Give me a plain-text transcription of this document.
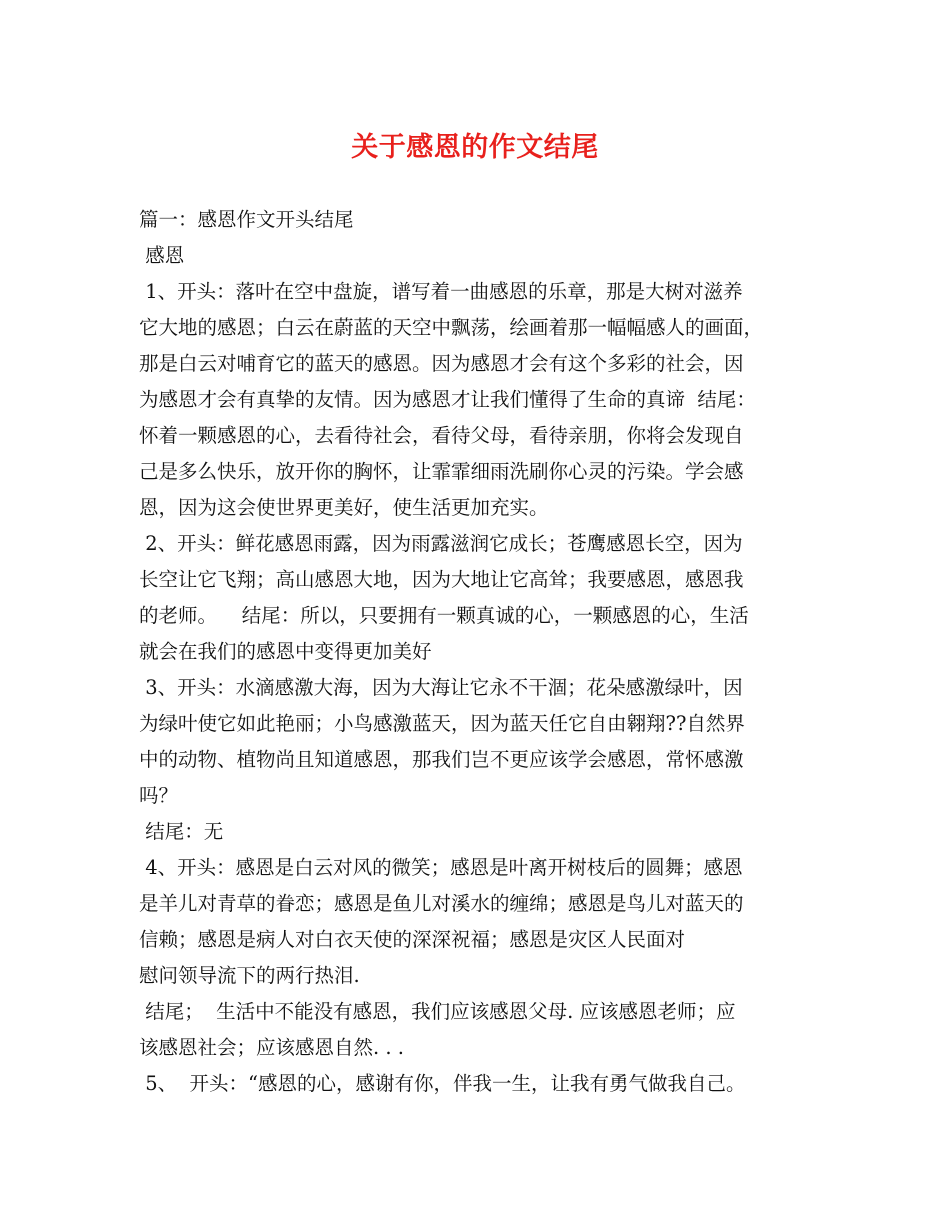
关于感恩的作文结尾
篇一：感恩作文开头结尾
感恩
1、开头：落叶在空中盘旋，谱写着一曲感恩的乐章，那是大树对滋养
它大地的感恩；白云在蔚蓝的天空中飘荡，绘画着那一幅幅感人的画面，
那是白云对哺育它的蓝天的感恩。因为感恩才会有这个多彩的社会，因
为感恩才会有真挚的友情。因为感恩才让我们懂得了生命的真谛  结尾：
怀着一颗感恩的心，去看待社会，看待父母，看待亲朋，你将会发现自
己是多么快乐，放开你的胸怀，让霏霏细雨洗刷你心灵的污染。学会感
恩，因为这会使世界更美好，使生活更加充实。
2、开头：鲜花感恩雨露，因为雨露滋润它成长；苍鹰感恩长空，因为
长空让它飞翔；高山感恩大地，因为大地让它高耸；我要感恩，感恩我
的老师。    结尾：所以，只要拥有一颗真诚的心，一颗感恩的心，生活
就会在我们的感恩中变得更加美好
3、开头：水滴感激大海，因为大海让它永不干涸；花朵感激绿叶，因
为绿叶使它如此艳丽；小鸟感激蓝天，因为蓝天任它自由翱翔??自然界
中的动物、植物尚且知道感恩，那我们岂不更应该学会感恩，常怀感激
吗？
结尾：无
4、开头：感恩是白云对风的微笑；感恩是叶离开树枝后的圆舞；感恩
是羊儿对青草的眷恋；感恩是鱼儿对溪水的缠绵；感恩是鸟儿对蓝天的
信赖；感恩是病人对白衣天使的深深祝福；感恩是灾区人民面对
慰问领导流下的两行热泪.
结尾；  生活中不能没有感恩，我们应该感恩父母. 应该感恩老师；应
该感恩社会；应该感恩自然. . .
5、  开头：“感恩的心，感谢有你，伴我一生，让我有勇气做我自己。
